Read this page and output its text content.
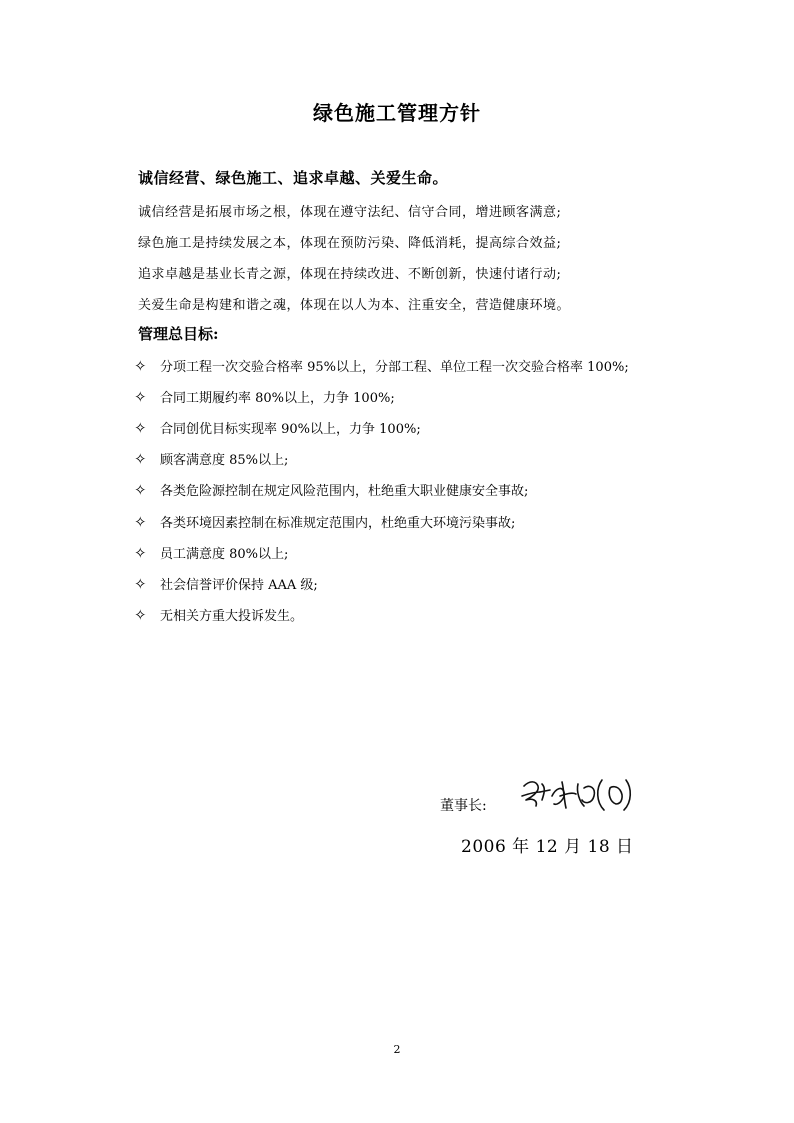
绿色施工管理方针
诚信经营、绿色施工、追求卓越、关爱生命。
诚信经营是拓展市场之根，体现在遵守法纪、信守合同，增进顾客满意;
绿色施工是持续发展之本，体现在预防污染、降低消耗，提高综合效益;
追求卓越是基业长青之源，体现在持续改进、不断创新，快速付诸行动;
关爱生命是构建和谐之魂，体现在以人为本、注重安全，营造健康环境。
管理总目标:
✧	分项工程一次交验合格率 95%以上，分部工程、单位工程一次交验合格率 100%;
✧	合同工期履约率 80%以上，力争 100%;
✧	合同创优目标实现率 90%以上，力争 100%;
✧	顾客满意度 85%以上;
✧	各类危险源控制在规定风险范围内，杜绝重大职业健康安全事故;
✧	各类环境因素控制在标准规定范围内，杜绝重大环境污染事故;
✧	员工满意度 80%以上;
✧	社会信誉评价保持 AAA 级;
✧	无相关方重大投诉发生。
董事长:
2006 年 12 月 18 日
2
